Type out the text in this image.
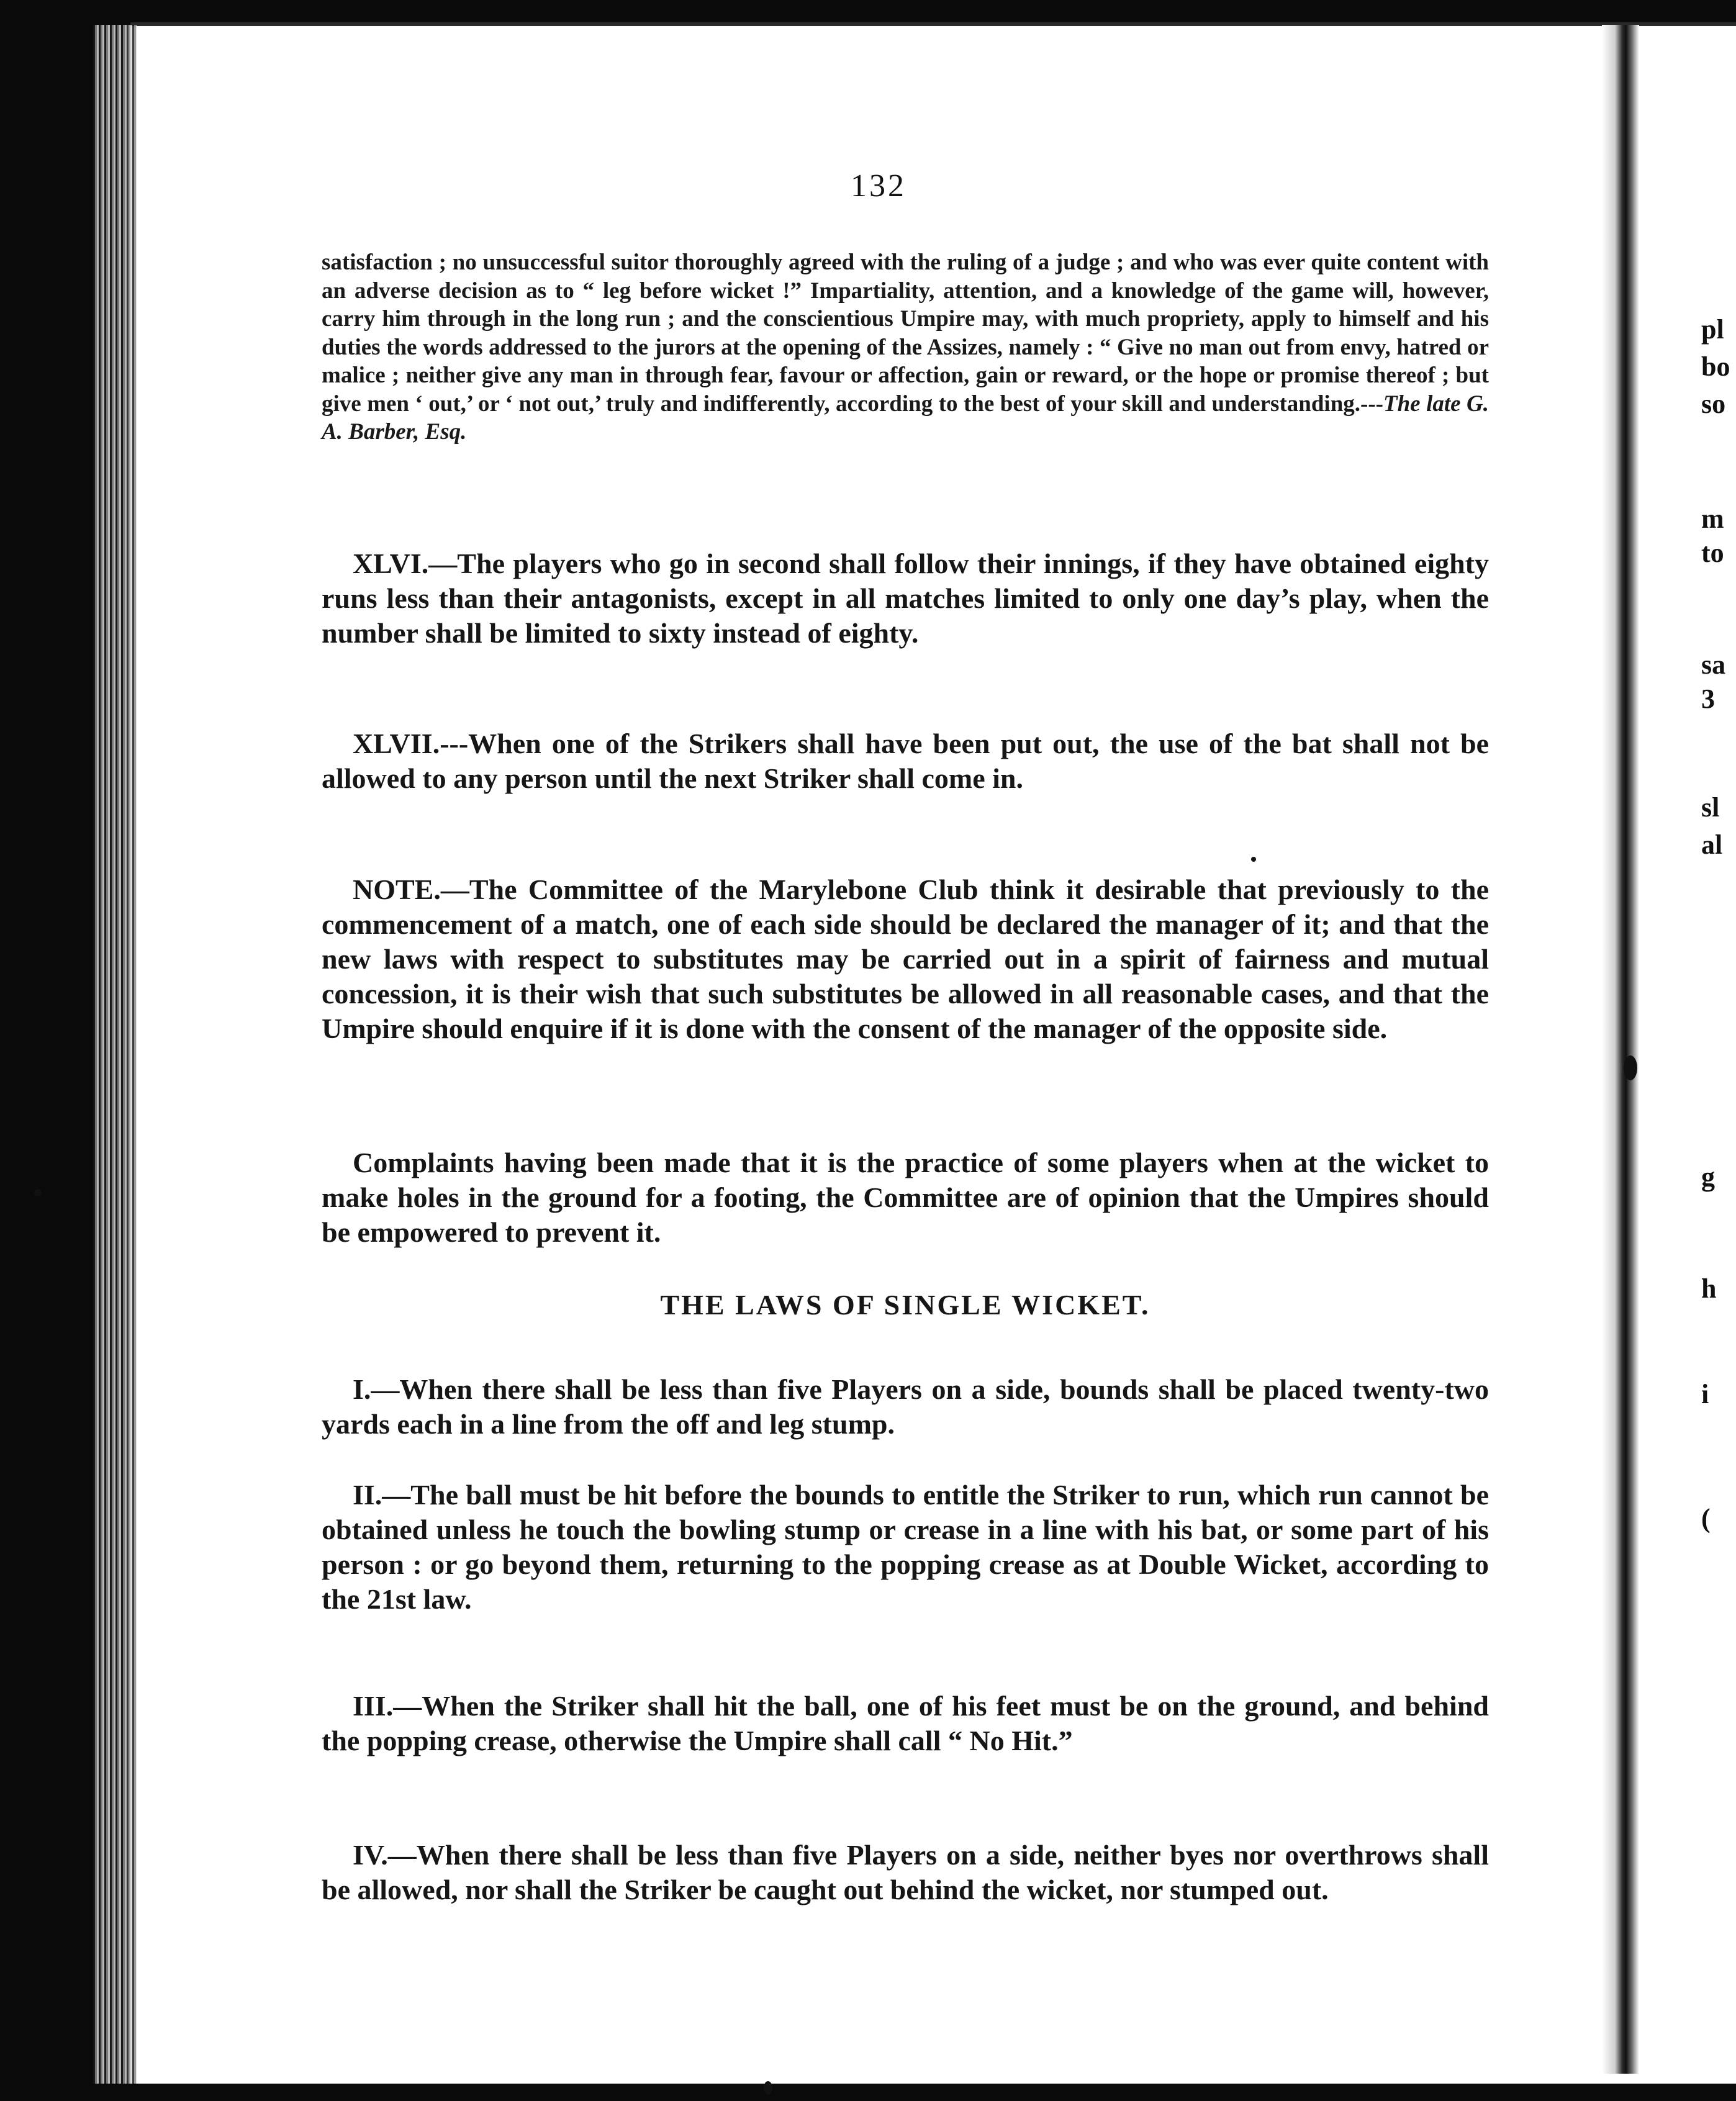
132

satisfaction ; no unsuccessful suitor thoroughly agreed with the ruling of a judge ; and who was ever quite content with an adverse decision as to “ leg before wicket !” Impartiality, attention, and a knowledge of the game will, however, carry him through in the long run ; and the conscientious Umpire may, with much propriety, apply to himself and his duties the words addressed to the jurors at the opening of the Assizes, namely : “ Give no man out from envy, hatred or malice ; neither give any man in through fear, favour or affection, gain or reward, or the hope or promise thereof ; but give men ‘ out,’ or ‘ not out,’ truly and indifferently, according to the best of your skill and understanding.---The late G. A. Barber, Esq.

XLVI.—The players who go in second shall follow their innings, if they have obtained eighty runs less than their antagonists, except in all matches limited to only one day’s play, when the number shall be limited to sixty instead of eighty.

XLVII.---When one of the Strikers shall have been put out, the use of the bat shall not be allowed to any person until the next Striker shall come in.

NOTE.—The Committee of the Marylebone Club think it desirable that previously to the commencement of a match, one of each side should be declared the manager of it; and that the new laws with respect to substitutes may be carried out in a spirit of fairness and mutual concession, it is their wish that such substitutes be allowed in all reasonable cases, and that the Umpire should enquire if it is done with the consent of the manager of the opposite side.

Complaints having been made that it is the practice of some players when at the wicket to make holes in the ground for a footing, the Committee are of opinion that the Umpires should be empowered to prevent it.

THE LAWS OF SINGLE WICKET.

I.—When there shall be less than five Players on a side, bounds shall be placed twenty-two yards each in a line from the off and leg stump.

II.—The ball must be hit before the bounds to entitle the Striker to run, which run cannot be obtained unless he touch the bowling stump or crease in a line with his bat, or some part of his person : or go beyond them, returning to the popping crease as at Double Wicket, according to the 21st law.

III.—When the Striker shall hit the ball, one of his feet must be on the ground, and behind the popping crease, otherwise the Umpire shall call “ No Hit.”

IV.—When there shall be less than five Players on a side, neither byes nor overthrows shall be allowed, nor shall the Striker be caught out behind the wicket, nor stumped out.

pl
bo
so
m
to
sa
3
sl
al
g
h
i
(
